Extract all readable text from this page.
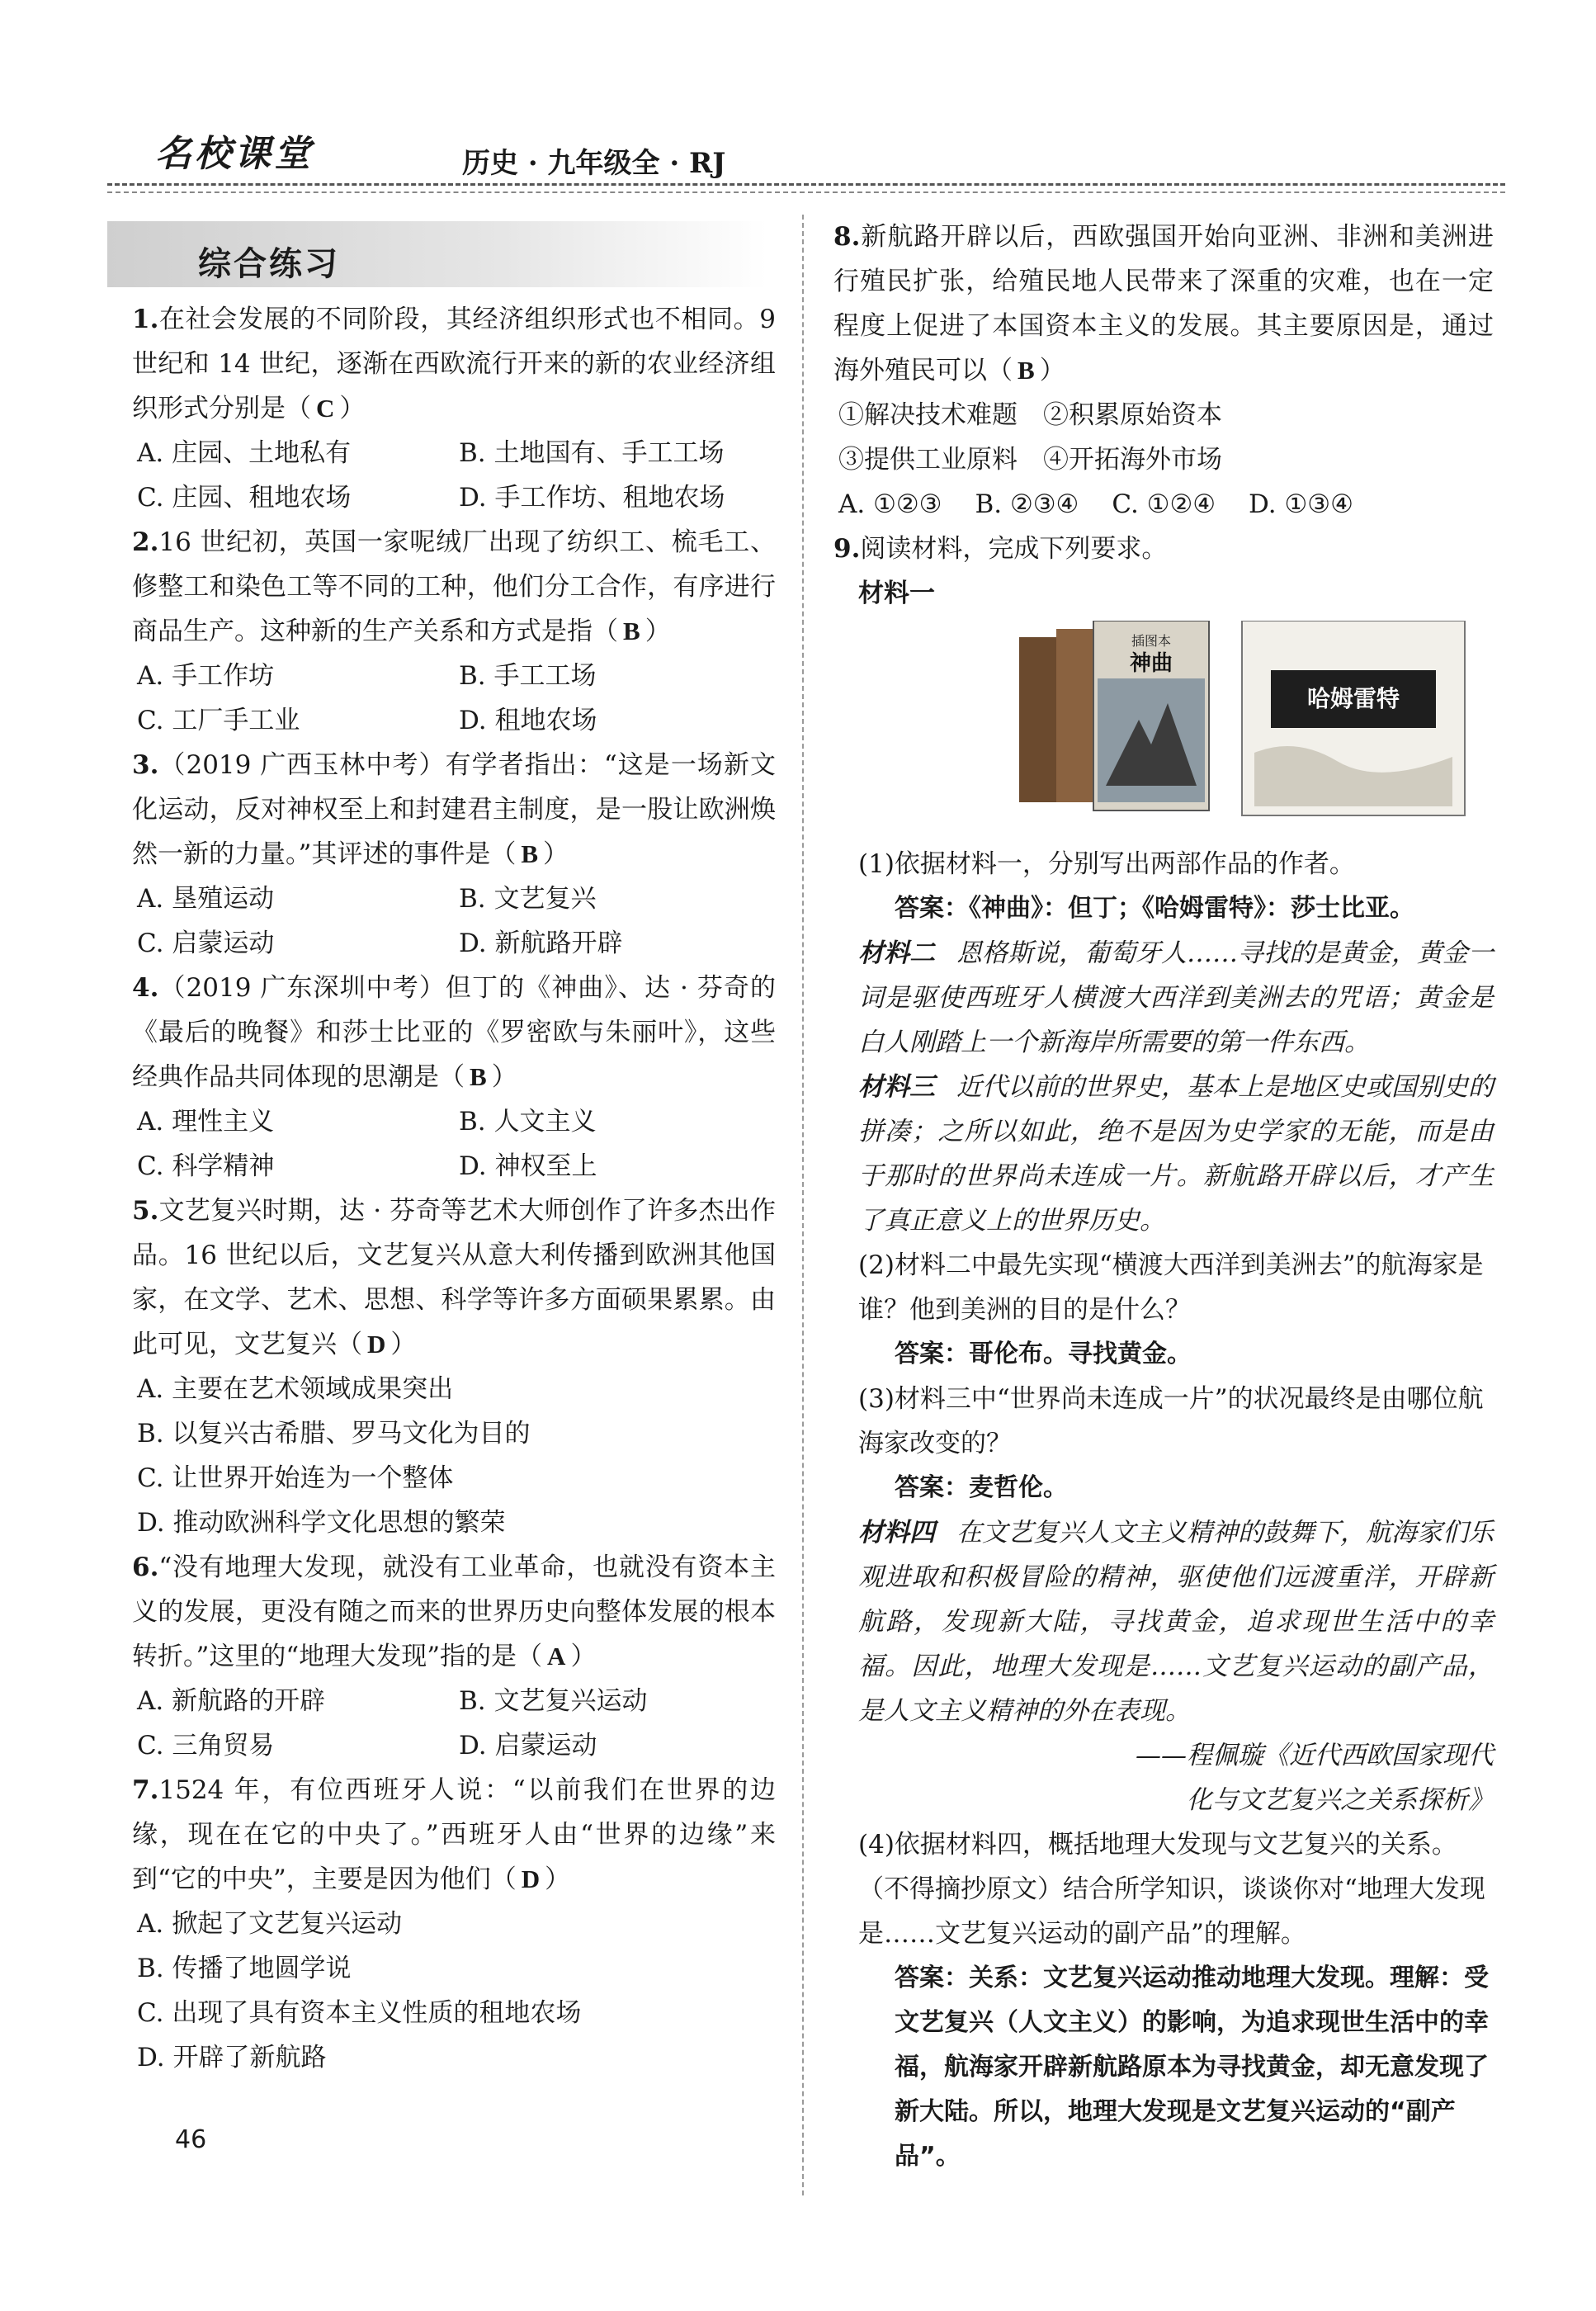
名校课堂	历史 · 九年级全 · RJ
综合练习

1.在社会发展的不同阶段，其经济组织形式也不相同。9 世纪和 14 世纪，逐渐在西欧流行开来的新的农业经济组织形式分别是（ C ）

A. 庄园、土地私有	B. 土地国有、手工工场
C. 庄园、租地农场	D. 手工作坊、租地农场

2.16 世纪初，英国一家呢绒厂出现了纺织工、梳毛工、修整工和染色工等不同的工种，他们分工合作，有序进行商品生产。这种新的生产关系和方式是指（ B ）

A. 手工作坊	B. 手工工场
C. 工厂手工业	D. 租地农场

3.（2019 广西玉林中考）有学者指出：“这是一场新文化运动，反对神权至上和封建君主制度，是一股让欧洲焕然一新的力量。”其评述的事件是（ B ）

A. 垦殖运动	B. 文艺复兴
C. 启蒙运动	D. 新航路开辟

4.（2019 广东深圳中考）但丁的《神曲》、达 · 芬奇的《最后的晚餐》和莎士比亚的《罗密欧与朱丽叶》，这些经典作品共同体现的思潮是（ B ）

A. 理性主义	B. 人文主义
C. 科学精神	D. 神权至上

5.文艺复兴时期，达 · 芬奇等艺术大师创作了许多杰出作品。16 世纪以后，文艺复兴从意大利传播到欧洲其他国家，在文学、艺术、思想、科学等许多方面硕果累累。由此可见，文艺复兴（ D ）

A. 主要在艺术领域成果突出
B. 以复兴古希腊、罗马文化为目的
C. 让世界开始连为一个整体
D. 推动欧洲科学文化思想的繁荣

6.“没有地理大发现，就没有工业革命，也就没有资本主义的发展，更没有随之而来的世界历史向整体发展的根本转折。”这里的“地理大发现”指的是（ A ）

A. 新航路的开辟	B. 文艺复兴运动
C. 三角贸易	D. 启蒙运动

7.1524 年，有位西班牙人说：“以前我们在世界的边缘，现在在它的中央了。”西班牙人由“世界的边缘”来到“它的中央”，主要是因为他们（ D ）

A. 掀起了文艺复兴运动
B. 传播了地圆学说
C. 出现了具有资本主义性质的租地农场
D. 开辟了新航路

8.新航路开辟以后，西欧强国开始向亚洲、非洲和美洲进行殖民扩张，给殖民地人民带来了深重的灾难，也在一定程度上促进了本国资本主义的发展。其主要原因是，通过海外殖民可以（ B ）

①解决技术难题　②积累原始资本
③提供工业原料　④开拓海外市场
A. ①②③ B. ②③④ C. ①②④ D. ①③④

9.阅读材料，完成下列要求。

材料一
插图本
神曲
哈姆雷特
(1)依据材料一，分别写出两部作品的作者。
答案：《神曲》：但丁；《哈姆雷特》：莎士比亚。
材料二 恩格斯说，葡萄牙人……寻找的是黄金，黄金一词是驱使西班牙人横渡大西洋到美洲去的咒语；黄金是白人刚踏上一个新海岸所需要的第一件东西。
材料三 近代以前的世界史，基本上是地区史或国别史的拼凑；之所以如此，绝不是因为史学家的无能，而是由于那时的世界尚未连成一片。新航路开辟以后，才产生了真正意义上的世界历史。
(2)材料二中最先实现“横渡大西洋到美洲去”的航海家是谁？他到美洲的目的是什么？
答案：哥伦布。寻找黄金。
(3)材料三中“世界尚未连成一片”的状况最终是由哪位航海家改变的？
答案：麦哲伦。
材料四 在文艺复兴人文主义精神的鼓舞下，航海家们乐观进取和积极冒险的精神，驱使他们远渡重洋，开辟新航路，发现新大陆，寻找黄金，追求现世生活中的幸福。因此，地理大发现是……文艺复兴运动的副产品，是人文主义精神的外在表现。
——程佩璇《近代西欧国家现代
化与文艺复兴之关系探析》
(4)依据材料四，概括地理大发现与文艺复兴的关系。（不得摘抄原文）结合所学知识，谈谈你对“地理大发现是……文艺复兴运动的副产品”的理解。
答案：关系：文艺复兴运动推动地理大发现。理解：受文艺复兴（人文主义）的影响，为追求现世生活中的幸福，航海家开辟新航路原本为寻找黄金，却无意发现了新大陆。所以，地理大发现是文艺复兴运动的“副产品”。
46
